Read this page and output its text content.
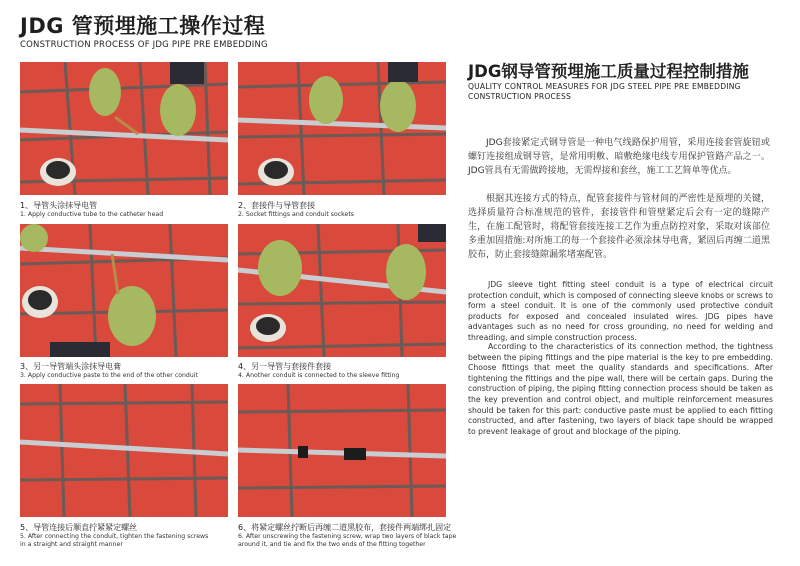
JDG 管预埋施工操作过程
CONSTRUCTION PROCESS OF JDG PIPE PRE EMBEDDING
1、导管头涂抹导电管
1. Apply conductive tube to the catheter head
2、套接件与导管套接
2. Socket fittings and conduit sockets
3、另一导管端头涂抹导电膏
3. Apply conductive paste to the end of the other conduit
4、另一导管与套接件套接
4. Another conduit is connected to the sleeve fitting
5、导管连接后顺直拧紧紧定螺丝
5. After connecting the conduit, tighten the fastening screws
in a straight and straight manner
6、将紧定螺丝拧断后再缠二道黑胶布，套接件两端绑扎固定
6. After unscrewing the fastening screw, wrap two layers of black tape
around it, and tie and fix the two ends of the fitting together
JDG钢导管预埋施工质量过程控制措施
QUALITY CONTROL MEASURES FOR JDG STEEL PIPE PRE EMBEDDING CONSTRUCTION PROCESS
JDG套接紧定式钢导管是一种电气线路保护用管，采用连接套管旋钮或螺钉连接组成钢导管，是常用明敷、暗敷绝缘电线专用保护管路产品之一。JDG管具有无需做跨接地，无需焊接和套丝，施工工艺简单等优点。
根据其连接方式的特点，配管套接件与管材间的严密性是预埋的关键，选择质量符合标准规范的管件，套接管件和管壁紧定后会有一定的缝隙产生，在施工配管时，将配管套接连接工艺作为重点防控对象，采取对该部位多重加固措施:对所施工的每一个套接件必须涂抹导电膏，紧固后再缠二道黑胶布，防止套接缝隙漏浆堵塞配管。
JDG sleeve tight fitting steel conduit is a type of electrical circuit protection conduit, which is composed of connecting sleeve knobs or screws to form a steel conduit. It is one of the commonly used protective conduit products for exposed and concealed insulated wires. JDG pipes have advantages such as no need for cross grounding, no need for welding and threading, and simple construction process.
According to the characteristics of its connection method, the tightness between the piping fittings and the pipe material is the key to pre embedding. Choose fittings that meet the quality standards and specifications. After tightening the fittings and the pipe wall, there will be certain gaps. During the construction of piping, the piping fitting connection process should be taken as the key prevention and control object, and multiple reinforcement measures should be taken for this part: conductive paste must be applied to each fitting constructed, and after fastening, two layers of black tape should be wrapped to prevent leakage of grout and blockage of the piping.
